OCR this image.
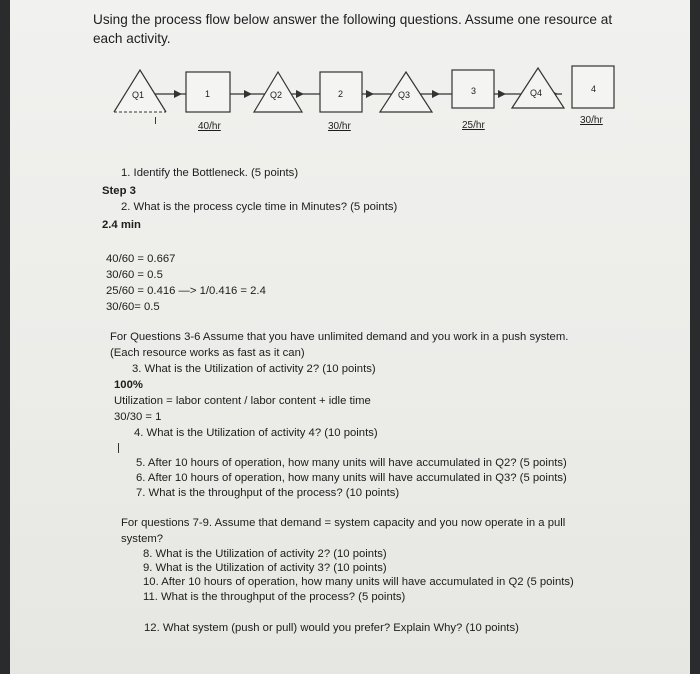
Using the process flow below answer the following questions. Assume one resource at each activity.
I
Q1	1	Q2	2	Q3	3	Q4	4
40/hr	30/hr	25/hr	30/hr
1. Identify the Bottleneck. (5 points)
Step 3
2. What is the process cycle time in Minutes? (5 points)
2.4 min
40/60 = 0.667
30/60 = 0.5
25/60 = 0.416 —> 1/0.416 = 2.4
30/60= 0.5
For Questions 3-6 Assume that you have unlimited demand and you work in a push system.
(Each resource works as fast as it can)
3. What is the Utilization of activity 2? (10 points)
100%
Utilization = labor content / labor content + idle time
30/30 = 1
4. What is the Utilization of activity 4? (10 points)
5. After 10 hours of operation, how many units will have accumulated in Q2? (5 points)
6. After 10 hours of operation, how many units will have accumulated in Q3? (5 points)
7. What is the throughput of the process? (10 points)
For questions 7-9. Assume that demand = system capacity and you now operate in a pull
system?
8. What is the Utilization of activity 2? (10 points)
9. What is the Utilization of activity 3? (10 points)
10. After 10 hours of operation, how many units will have accumulated in Q2 (5 points)
11. What is the throughput of the process? (5 points)
12. What system (push or pull) would you prefer? Explain Why? (10 points)
